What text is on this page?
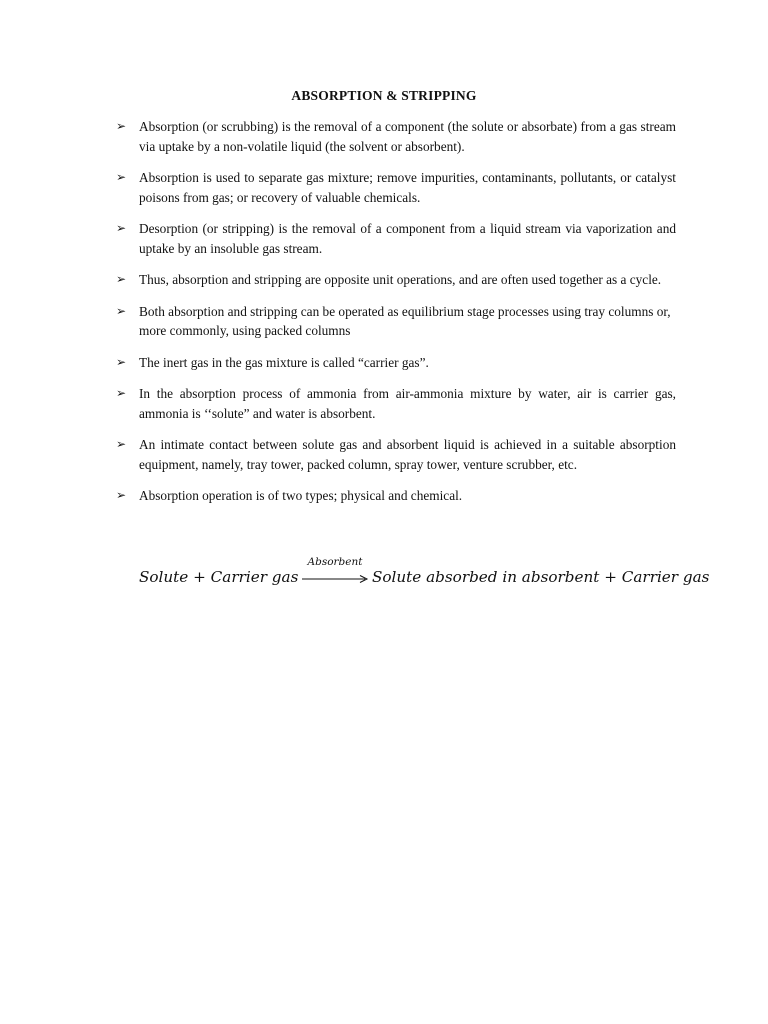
ABSORPTION & STRIPPING
➢ Absorption (or scrubbing) is the removal of a component (the solute or absorbate) from a gas stream via uptake by a non-volatile liquid (the solvent or absorbent).
➢ Absorption is used to separate gas mixture; remove impurities, contaminants, pollutants, or catalyst poisons from gas; or recovery of valuable chemicals.
➢ Desorption (or stripping) is the removal of a component from a liquid stream via vaporization and uptake by an insoluble gas stream.
➢ Thus, absorption and stripping are opposite unit operations, and are often used together as a cycle.
➢ Both absorption and stripping can be operated as equilibrium stage processes using tray columns or, more commonly, using packed columns
➢ The inert gas in the gas mixture is called “carrier gas”.
➢ In the absorption process of ammonia from air-ammonia mixture by water, air is carrier gas, ammonia is ‘‘solute” and water is absorbent.
➢ An intimate contact between solute gas and absorbent liquid is achieved in a suitable absorption equipment, namely, tray tower, packed column, spray tower, venture scrubber, etc.
➢ Absorption operation is of two types; physical and chemical.
Solute + Carrier gas
Absorbent
Solute absorbed in absorbent + Carrier gas
